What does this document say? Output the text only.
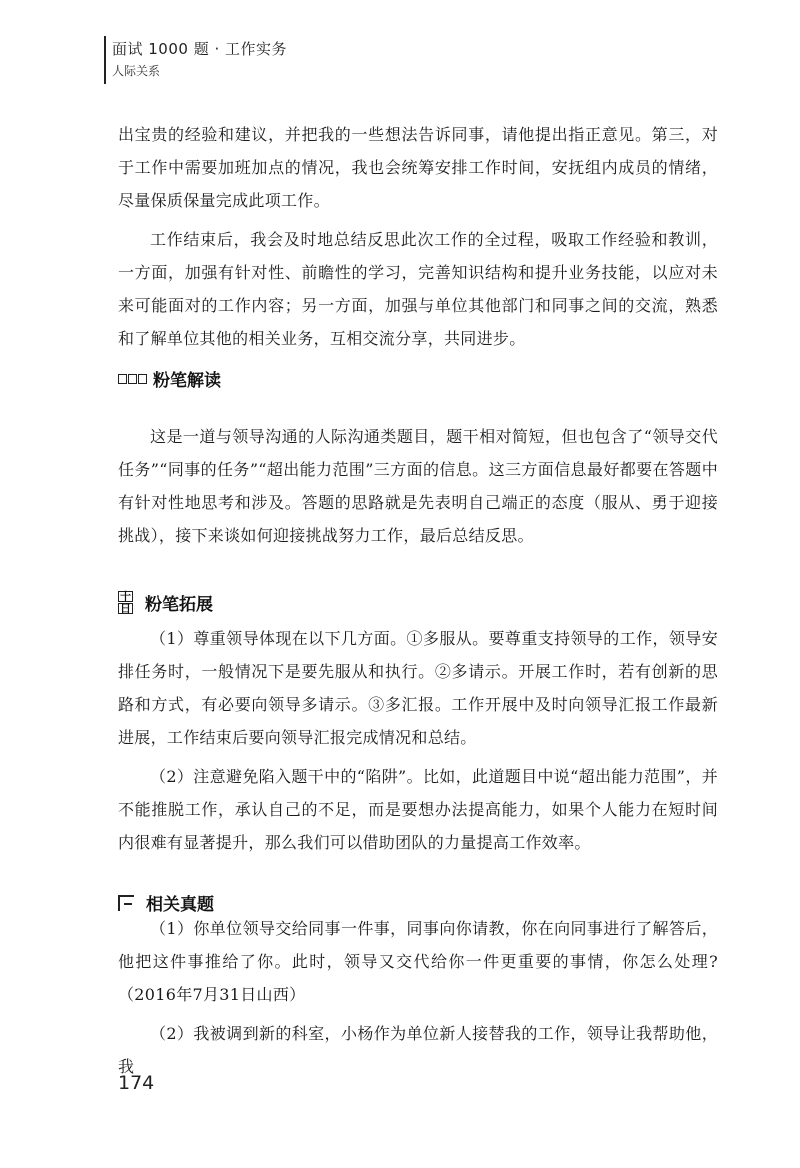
面试 1000 题 · 工作实务
人际关系

出宝贵的经验和建议，并把我的一些想法告诉同事，请他提出指正意见。第三，对于工作中需要加班加点的情况，我也会统筹安排工作时间，安抚组内成员的情绪，尽量保质保量完成此项工作。

工作结束后，我会及时地总结反思此次工作的全过程，吸取工作经验和教训，一方面，加强有针对性、前瞻性的学习，完善知识结构和提升业务技能，以应对未来可能面对的工作内容；另一方面，加强与单位其他部门和同事之间的交流，熟悉和了解单位其他的相关业务，互相交流分享，共同进步。

粉笔解读

这是一道与领导沟通的人际沟通类题目，题干相对简短，但也包含了“领导交代任务”“同事的任务”“超出能力范围”三方面的信息。这三方面信息最好都要在答题中有针对性地思考和涉及。答题的思路就是先表明自己端正的态度（服从、勇于迎接挑战），接下来谈如何迎接挑战努力工作，最后总结反思。

十
日 粉笔拓展

（1）尊重领导体现在以下几方面。①多服从。要尊重支持领导的工作，领导安排任务时，一般情况下是要先服从和执行。②多请示。开展工作时，若有创新的思路和方式，有必要向领导多请示。③多汇报。工作开展中及时向领导汇报工作最新进展，工作结束后要向领导汇报完成情况和总结。

（2）注意避免陷入题干中的“陷阱”。比如，此道题目中说“超出能力范围”，并不能推脱工作，承认自己的不足，而是要想办法提高能力，如果个人能力在短时间内很难有显著提升，那么我们可以借助团队的力量提高工作效率。

相关真题

（1）你单位领导交给同事一件事，同事向你请教，你在向同事进行了解答后，他把这件事推给了你。此时，领导又交代给你一件更重要的事情，你怎么处理?（2016年7月31日山西）

（2）我被调到新的科室，小杨作为单位新人接替我的工作，领导让我帮助他，我

174
